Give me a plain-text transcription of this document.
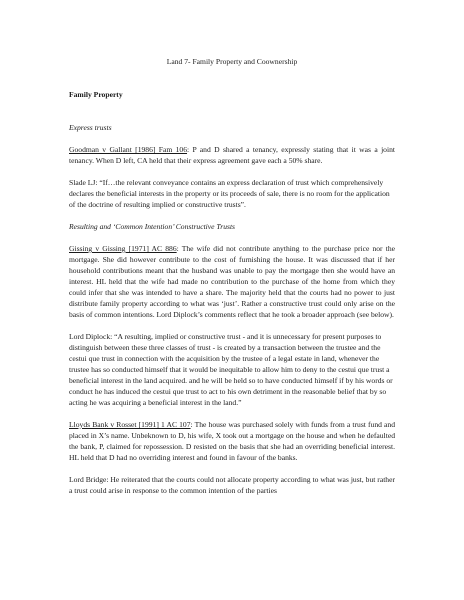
Land 7- Family Property and Coownership
Family Property
Express trusts

Goodman v Gallant [1986] Fam 106: P and D shared a tenancy, expressly stating that it was a joint tenancy. When D left, CA held that their express agreement gave each a 50% share.

Slade LJ: “If…the relevant conveyance contains an express declaration of trust which comprehensively declares the beneficial interests in the property or its proceeds of sale, there is no room for the application of the doctrine of resulting implied or constructive trusts”.

Resulting and ‘Common Intention’ Constructive Trusts

Gissing v Gissing [1971] AC 886: The wife did not contribute anything to the purchase price nor the mortgage. She did however contribute to the cost of furnishing the house. It was discussed that if her household contributions meant that the husband was unable to pay the mortgage then she would have an interest. HL held that the wife had made no contribution to the purchase of the home from which they could infer that she was intended to have a share. The majority held that the courts had no power to just distribute family property according to what was ‘just’. Rather a constructive trust could only arise on the basis of common intentions. Lord Diplock’s comments reflect that he took a broader approach (see below).

Lord Diplock: “A resulting, implied or constructive trust - and it is unnecessary for present purposes to distinguish between these three classes of trust - is created by a transaction between the trustee and the cestui que trust in connection with the acquisition by the trustee of a legal estate in land, whenever the trustee has so conducted himself that it would be inequitable to allow him to deny to the cestui que trust a beneficial interest in the land acquired. and he will be held so to have conducted himself if by his words or conduct he has induced the cestui que trust to act to his own detriment in the reasonable belief that by so acting he was acquiring a beneficial interest in the land.”

Lloyds Bank v Rosset [1991] 1 AC 107: The house was purchased solely with funds from a trust fund and placed in X’s name. Unbeknown to D, his wife, X took out a mortgage on the house and when he defaulted the bank, P, claimed for repossession. D resisted on the basis that she had an overriding beneficial interest. HL held that D had no overriding interest and found in favour of the banks.

Lord Bridge: He reiterated that the courts could not allocate property according to what was just, but rather a trust could arise in response to the common intention of the parties
